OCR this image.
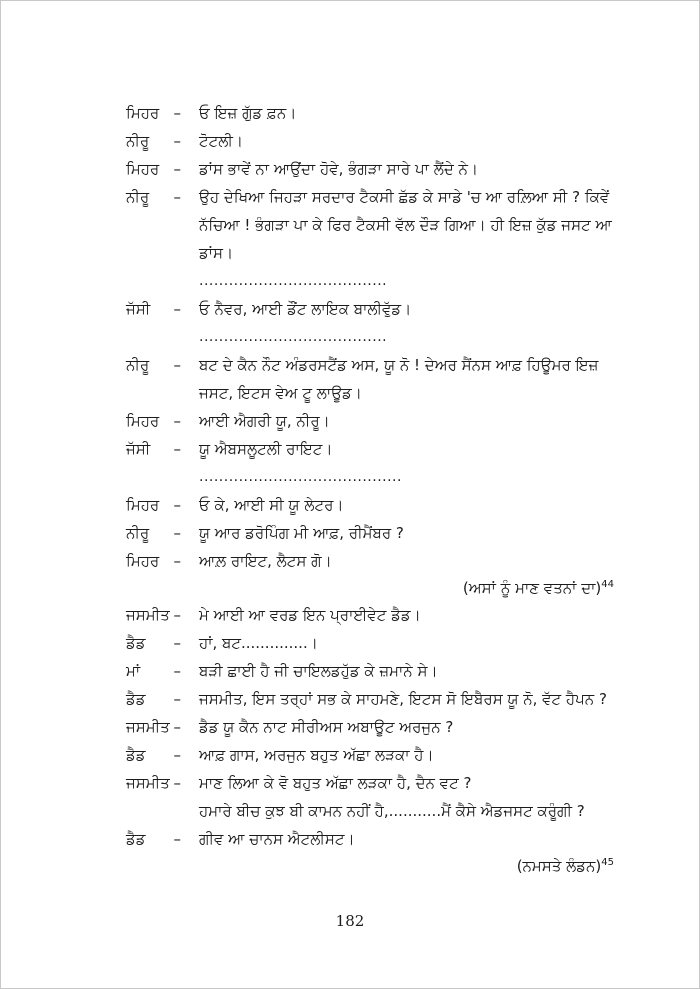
ਮਿਹਰ – ਓ ਇਜ਼ ਗੁੱਡ ਫ਼ਨ।
ਨੀਰੂ – ਟੋਟਲੀ।
ਮਿਹਰ – ਡਾਂਸ ਭਾਵੇਂ ਨਾ ਆਉਂਦਾ ਹੋਵੇ, ਭੰਗੜਾ ਸਾਰੇ ਪਾ ਲੈਂਦੇ ਨੇ।
ਨੀਰੂ – ਉਹ ਦੇਖਿਆ ਜਿਹੜਾ ਸਰਦਾਰ ਟੈਕਸੀ ਛੱਡ ਕੇ ਸਾਡੇ 'ਚ ਆ ਰਲ਼ਿਆ ਸੀ ? ਕਿਵੇਂ
ਨੱਚਿਆ ! ਭੰਗੜਾ ਪਾ ਕੇ ਫਿਰ ਟੈਕਸੀ ਵੱਲ ਦੌੜ ਗਿਆ। ਹੀ ਇਜ਼ ਕੁੱਡ ਜਸਟ ਆ
ਡਾਂਸ।
......................................
ਜੱਸੀ – ਓ ਨੈਵਰ, ਆਈ ਡੌਂਟ ਲਾਇਕ ਬਾਲੀਵੁੱਡ।
......................................
ਨੀਰੂ – ਬਟ ਦੇ ਕੈਨ ਨੌਟ ਅੰਡਰਸਟੈਂਡ ਅਸ, ਯੂ ਨੋ ! ਦੇਅਰ ਸੈਂਨਸ ਆਫ਼ ਹਿਊਮਰ ਇਜ਼
ਜਸਟ, ਇਟਸ ਵੇਅ ਟੂ ਲਾਊਡ।
ਮਿਹਰ – ਆਈ ਐਗਰੀ ਯੂ, ਨੀਰੂ।
ਜੱਸੀ – ਯੂ ਐਬਸਲੂਟਲੀ ਰਾਇਟ।
.........................................
ਮਿਹਰ – ਓ ਕੇ, ਆਈ ਸੀ ਯੂ ਲੇਟਰ।
ਨੀਰੂ – ਯੂ ਆਰ ਡਰੋਪਿੰਗ ਮੀ ਆਫ਼, ਰੀਮੈਂਬਰ ?
ਮਿਹਰ – ਆਲ਼ ਰਾਇਟ, ਲੈਟਸ ਗੋ।
(ਅਸਾਂ ਨੂੰ ਮਾਣ ਵਤਨਾਂ ਦਾ)$^{44}$
ਜਸਮੀਤ – ਮੇ ਆਈ ਆ ਵਰਡ ਇਨ ਪ੍ਰਾਈਵੇਟ ਡੈਡ।
ਡੈਡ – ਹਾਂ, ਬਟ..............।
ਮਾਂ – ਬੜੀ ਛਾਈ ਹੈ ਜੀ ਚਾਇਲਡਹੁੱਡ ਕੇ ਜ਼ਮਾਨੇ ਸੇ।
ਡੈਡ – ਜਸਮੀਤ, ਇਸ ਤਰ੍ਹਾਂ ਸਭ ਕੇ ਸਾਹਮਣੇ, ਇਟਸ ਸੋ ਇਬੈਰਸ ਯੂ ਨੋ, ਵੱਟ ਹੈਪਨ ?
ਜਸਮੀਤ – ਡੈਡ ਯੂ ਕੈਨ ਨਾਟ ਸੀਰੀਅਸ ਅਬਾਊਟ ਅਰਜੁਨ ?
ਡੈਡ – ਆਫ਼ ਗਾਸ, ਅਰਜੁਨ ਬਹੁਤ ਅੱਛਾ ਲੜਕਾ ਹੈ।
ਜਸਮੀਤ – ਮਾਣ ਲਿਆ ਕੇ ਵੋ ਬਹੁਤ ਅੱਛਾ ਲੜਕਾ ਹੈ, ਦੈਨ ਵਟ ?
ਹਮਾਰੇ ਬੀਚ ਕੁਝ ਬੀ ਕਾਮਨ ਨਹੀਂ ਹੈ,...........ਮੈਂ ਕੈਸੇ ਐਡਜਸਟ ਕਰੂੰਗੀ ?
ਡੈਡ – ਗੀਵ ਆ ਚਾਨਸ ਐਟਲੀਸਟ।
(ਨਮਸਤੇ ਲੰਡਨ)$^{45}$
182
